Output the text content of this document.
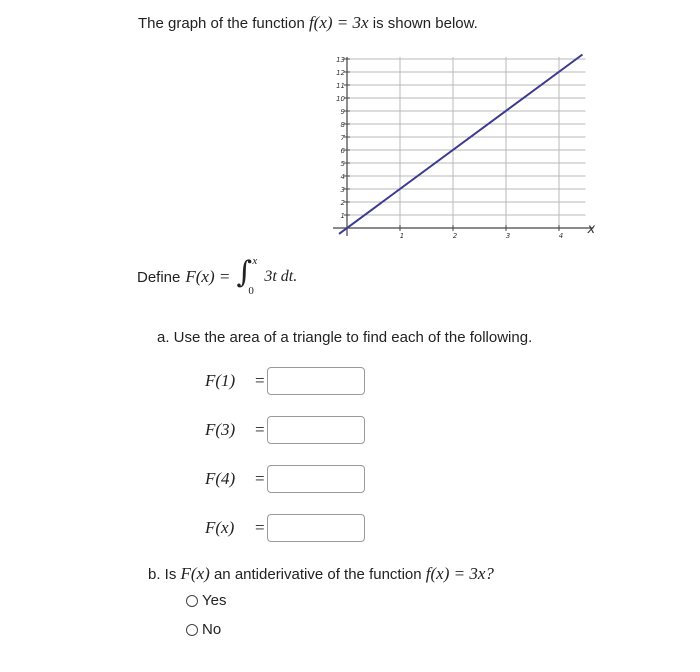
The graph of the function f(x) = 3x is shown below.
1
2
3
4
5
6
7
8
9
10
11
12
13
1	2	3	4 x
Define F(x) = ∫ x
0
3t dt.
a. Use the area of a triangle to find each of the following.
F(1)	=
F(3)	=
F(4)	=
F(x)	=
b. Is F(x) an antiderivative of the function f(x) = 3x?
Yes
No
